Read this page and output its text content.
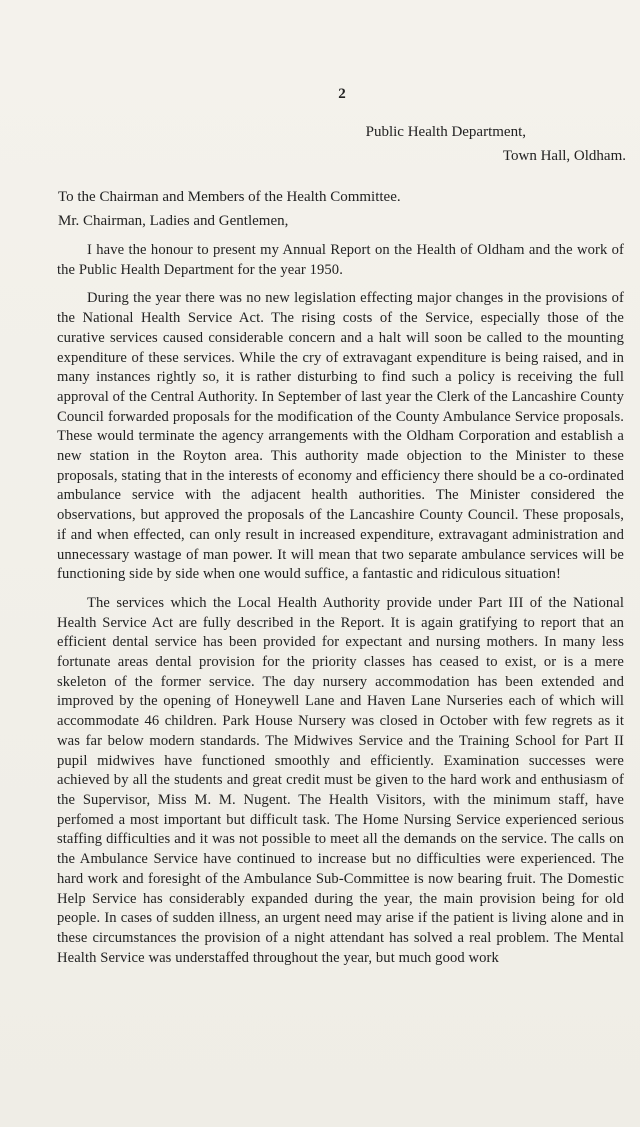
2
Public Health Department,
Town Hall, Oldham.
To the Chairman and Members of the Health Committee.
Mr. Chairman, Ladies and Gentlemen,

I have the honour to present my Annual Report on the Health of Oldham and the work of the Public Health Department for the year 1950.

During the year there was no new legislation effecting major changes in the provisions of the National Health Service Act. The rising costs of the Service, especially those of the curative services caused considerable concern and a halt will soon be called to the mounting expenditure of these services. While the cry of extravagant expenditure is being raised, and in many instances rightly so, it is rather disturbing to find such a policy is receiving the full approval of the Central Authority. In September of last year the Clerk of the Lancashire County Council forwarded proposals for the modification of the County Ambulance Service proposals. These would terminate the agency arrangements with the Oldham Corporation and establish a new station in the Royton area. This authority made objection to the Minister to these proposals, stating that in the interests of economy and efficiency there should be a co-ordinated ambulance service with the adjacent health authorities. The Minister considered the observations, but approved the proposals of the Lancashire County Council. These proposals, if and when effected, can only result in increased expenditure, extravagant administration and unnecessary wastage of man power. It will mean that two separate ambulance services will be functioning side by side when one would suffice, a fantastic and ridiculous situation!

The services which the Local Health Authority provide under Part III of the National Health Service Act are fully described in the Report. It is again gratifying to report that an efficient dental service has been provided for expectant and nursing mothers. In many less fortunate areas dental provision for the priority classes has ceased to exist, or is a mere skeleton of the former service. The day nursery accommodation has been extended and improved by the opening of Honeywell Lane and Haven Lane Nurseries each of which will accommodate 46 children. Park House Nursery was closed in October with few regrets as it was far below modern standards. The Midwives Service and the Training School for Part II pupil midwives have functioned smoothly and efficiently. Examination successes were achieved by all the students and great credit must be given to the hard work and enthusiasm of the Supervisor, Miss M. M. Nugent. The Health Visitors, with the minimum staff, have perfomed a most important but difficult task. The Home Nursing Service experienced serious staffing difficulties and it was not possible to meet all the demands on the service. The calls on the Ambulance Service have continued to increase but no difficulties were experienced. The hard work and foresight of the Ambulance Sub-Committee is now bearing fruit. The Domestic Help Service has considerably expanded during the year, the main provision being for old people. In cases of sudden illness, an urgent need may arise if the patient is living alone and in these circumstances the provision of a night attendant has solved a real problem. The Mental Health Service was understaffed throughout the year, but much good work
